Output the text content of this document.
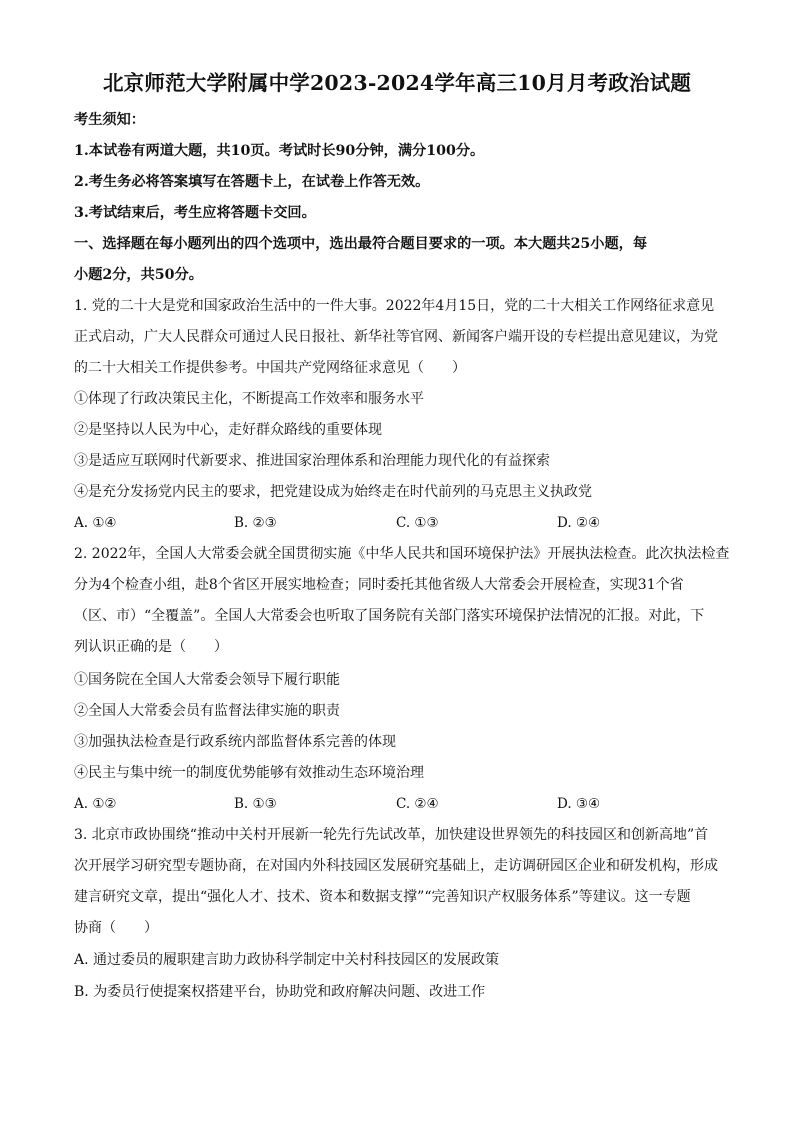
北京师范大学附属中学2023-2024学年高三10月月考政治试题
考生须知：
1.本试卷有两道大题，共10页。考试时长90分钟，满分100分。
2.考生务必将答案填写在答题卡上，在试卷上作答无效。
3.考试结束后，考生应将答题卡交回。
一、选择题在每小题列出的四个选项中，选出最符合题目要求的一项。本大题共25小题，每
小题2分，共50分。
1. 党的二十大是党和国家政治生活中的一件大事。2022年4月15日，党的二十大相关工作网络征求意见
正式启动，广大人民群众可通过人民日报社、新华社等官网、新闻客户端开设的专栏提出意见建议，为党
的二十大相关工作提供参考。中国共产党网络征求意见（　　）
①体现了行政决策民主化，不断提高工作效率和服务水平
②是坚持以人民为中心，走好群众路线的重要体现
③是适应互联网时代新要求、推进国家治理体系和治理能力现代化的有益探索
④是充分发扬党内民主的要求，把党建设成为始终走在时代前列的马克思主义执政党
A. ①④	B. ②③	C. ①③	D. ②④
2. 2022年，全国人大常委会就全国贯彻实施《中华人民共和国环境保护法》开展执法检查。此次执法检查
分为4个检查小组，赴8个省区开展实地检查；同时委托其他省级人大常委会开展检查，实现31个省
（区、市）“全覆盖”。全国人大常委会也听取了国务院有关部门落实环境保护法情况的汇报。对此，下
列认识正确的是（　　）
①国务院在全国人大常委会领导下履行职能
②全国人大常委会员有监督法律实施的职责
③加强执法检查是行政系统内部监督体系完善的体现
④民主与集中统一的制度优势能够有效推动生态环境治理
A. ①②	B. ①③	C. ②④	D. ③④
3. 北京市政协围绕“推动中关村开展新一轮先行先试改革，加快建设世界领先的科技园区和创新高地”首
次开展学习研究型专题协商，在对国内外科技园区发展研究基础上，走访调研园区企业和研发机构，形成
建言研究文章，提出“强化人才、技术、资本和数据支撑”“完善知识产权服务体系”等建议。这一专题
协商（　　）
A. 通过委员的履职建言助力政协科学制定中关村科技园区的发展政策
B. 为委员行使提案权搭建平台，协助党和政府解决问题、改进工作
